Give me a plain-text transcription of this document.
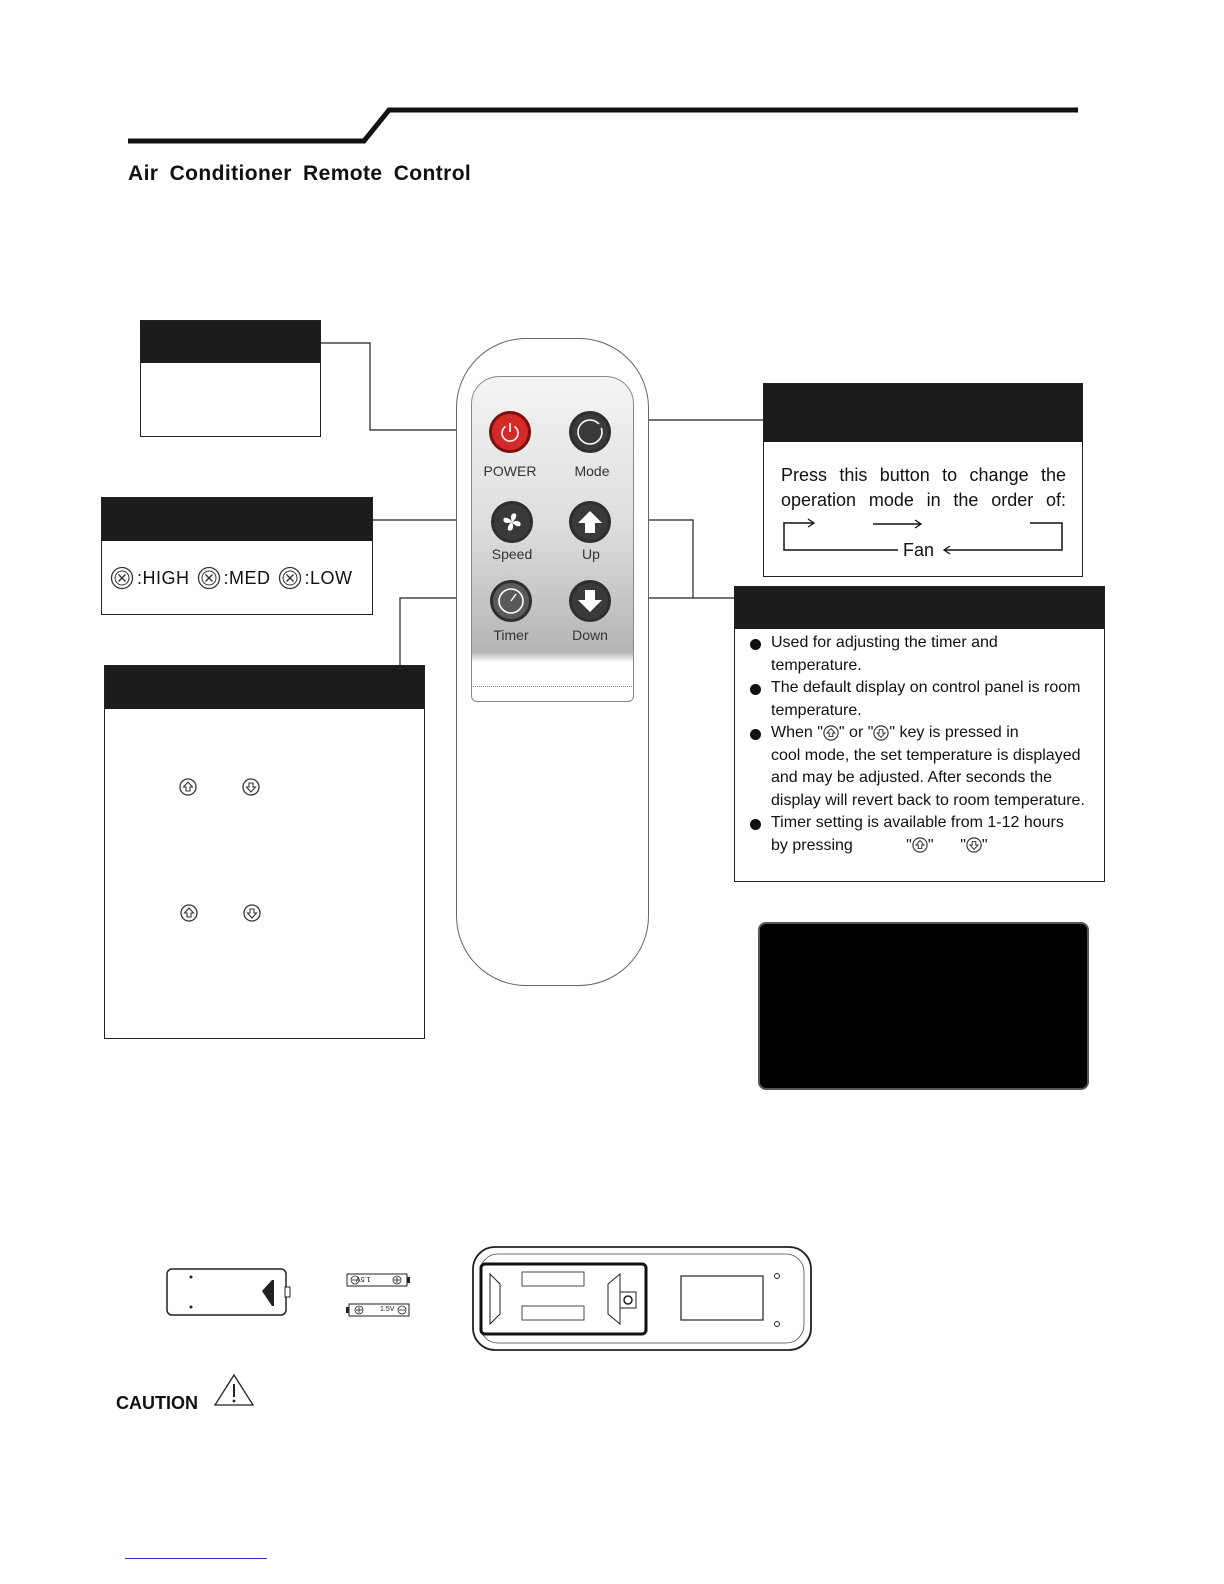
Air Conditioner Remote Control
:HIGH :MED :LOW
POWER	Mode
Speed	Up
Timer	Down
Press this button to change the operation mode in the order of:
Fan
Used for adjusting the timer and temperature.
The default display on control panel is room temperature.
When " " or " " key is pressed in
cool mode, the set temperature is displayed and may be adjusted. After seconds the display will revert back to room temperature.
Timer setting is available from 1-12 hours
by pressing	" " " "
1.5V
1.5V
CAUTION
